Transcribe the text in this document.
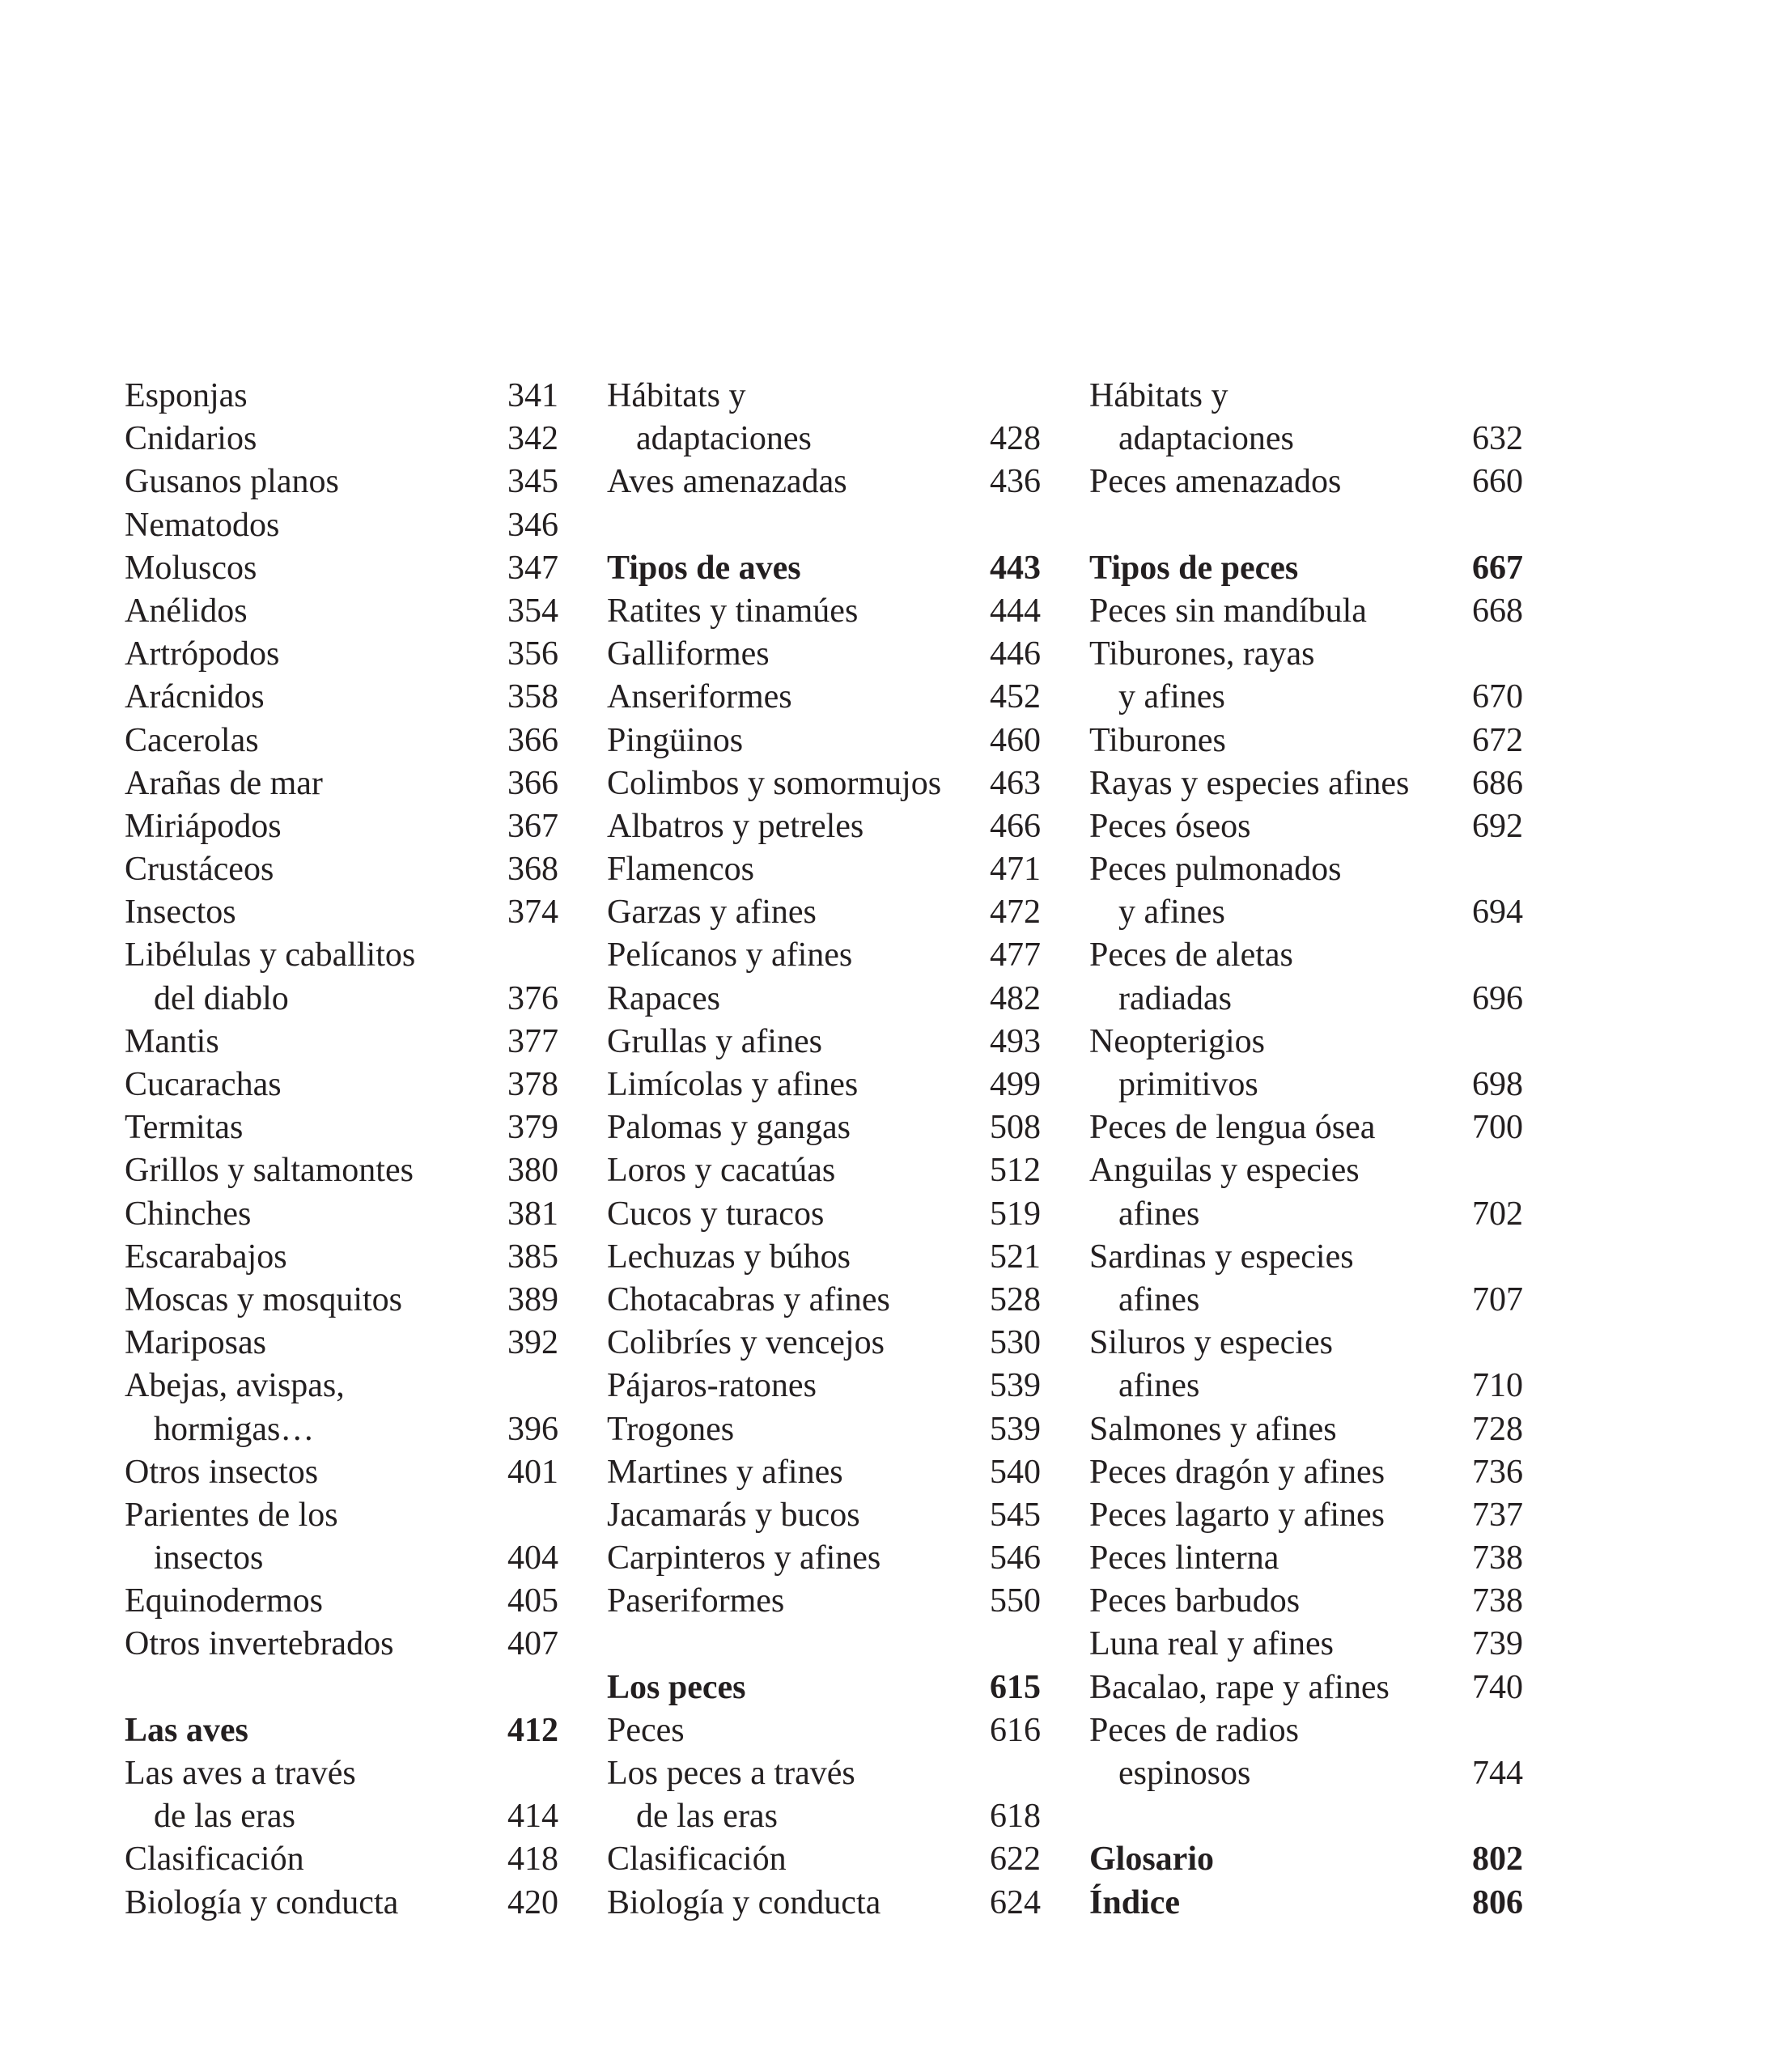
Esponjas	341
Cnidarios	342
Gusanos planos	345
Nematodos	346
Moluscos	347
Anélidos	354
Artrópodos	356
Arácnidos	358
Cacerolas	366
Arañas de mar	366
Miriápodos	367
Crustáceos	368
Insectos	374
Libélulas y caballitos
del diablo	376
Mantis	377
Cucarachas	378
Termitas	379
Grillos y saltamontes	380
Chinches	381
Escarabajos	385
Moscas y mosquitos	389
Mariposas	392
Abejas, avispas,
hormigas…	396
Otros insectos	401
Parientes de los
insectos	404
Equinodermos	405
Otros invertebrados	407
Las aves	412
Las aves a través
de las eras	414
Clasificación	418
Biología y conducta	420
Hábitats y
adaptaciones	428
Aves amenazadas	436
Tipos de aves	443
Ratites y tinamúes	444
Galliformes	446
Anseriformes	452
Pingüinos	460
Colimbos y somormujos 463
Albatros y petreles	466
Flamencos	471
Garzas y afines	472
Pelícanos y afines	477
Rapaces	482
Grullas y afines	493
Limícolas y afines	499
Palomas y gangas	508
Loros y cacatúas	512
Cucos y turacos	519
Lechuzas y búhos	521
Chotacabras y afines	528
Colibríes y vencejos	530
Pájaros-ratones	539
Trogones	539
Martines y afines	540
Jacamarás y bucos	545
Carpinteros y afines	546
Paseriformes	550
Los peces	615
Peces	616
Los peces a través
de las eras	618
Clasificación	622
Biología y conducta	624
Hábitats y
adaptaciones	632
Peces amenazados	660
Tipos de peces	667
Peces sin mandíbula	668
Tiburones, rayas
y afines	670
Tiburones	672
Rayas y especies afines 686
Peces óseos	692
Peces pulmonados
y afines	694
Peces de aletas
radiadas	696
Neopterigios
primitivos	698
Peces de lengua ósea	700
Anguilas y especies
afines	702
Sardinas y especies
afines	707
Siluros y especies
afines	710
Salmones y afines	728
Peces dragón y afines	736
Peces lagarto y afines	737
Peces linterna	738
Peces barbudos	738
Luna real y afines	739
Bacalao, rape y afines 740
Peces de radios
espinosos	744
Glosario	802
Índice	806
